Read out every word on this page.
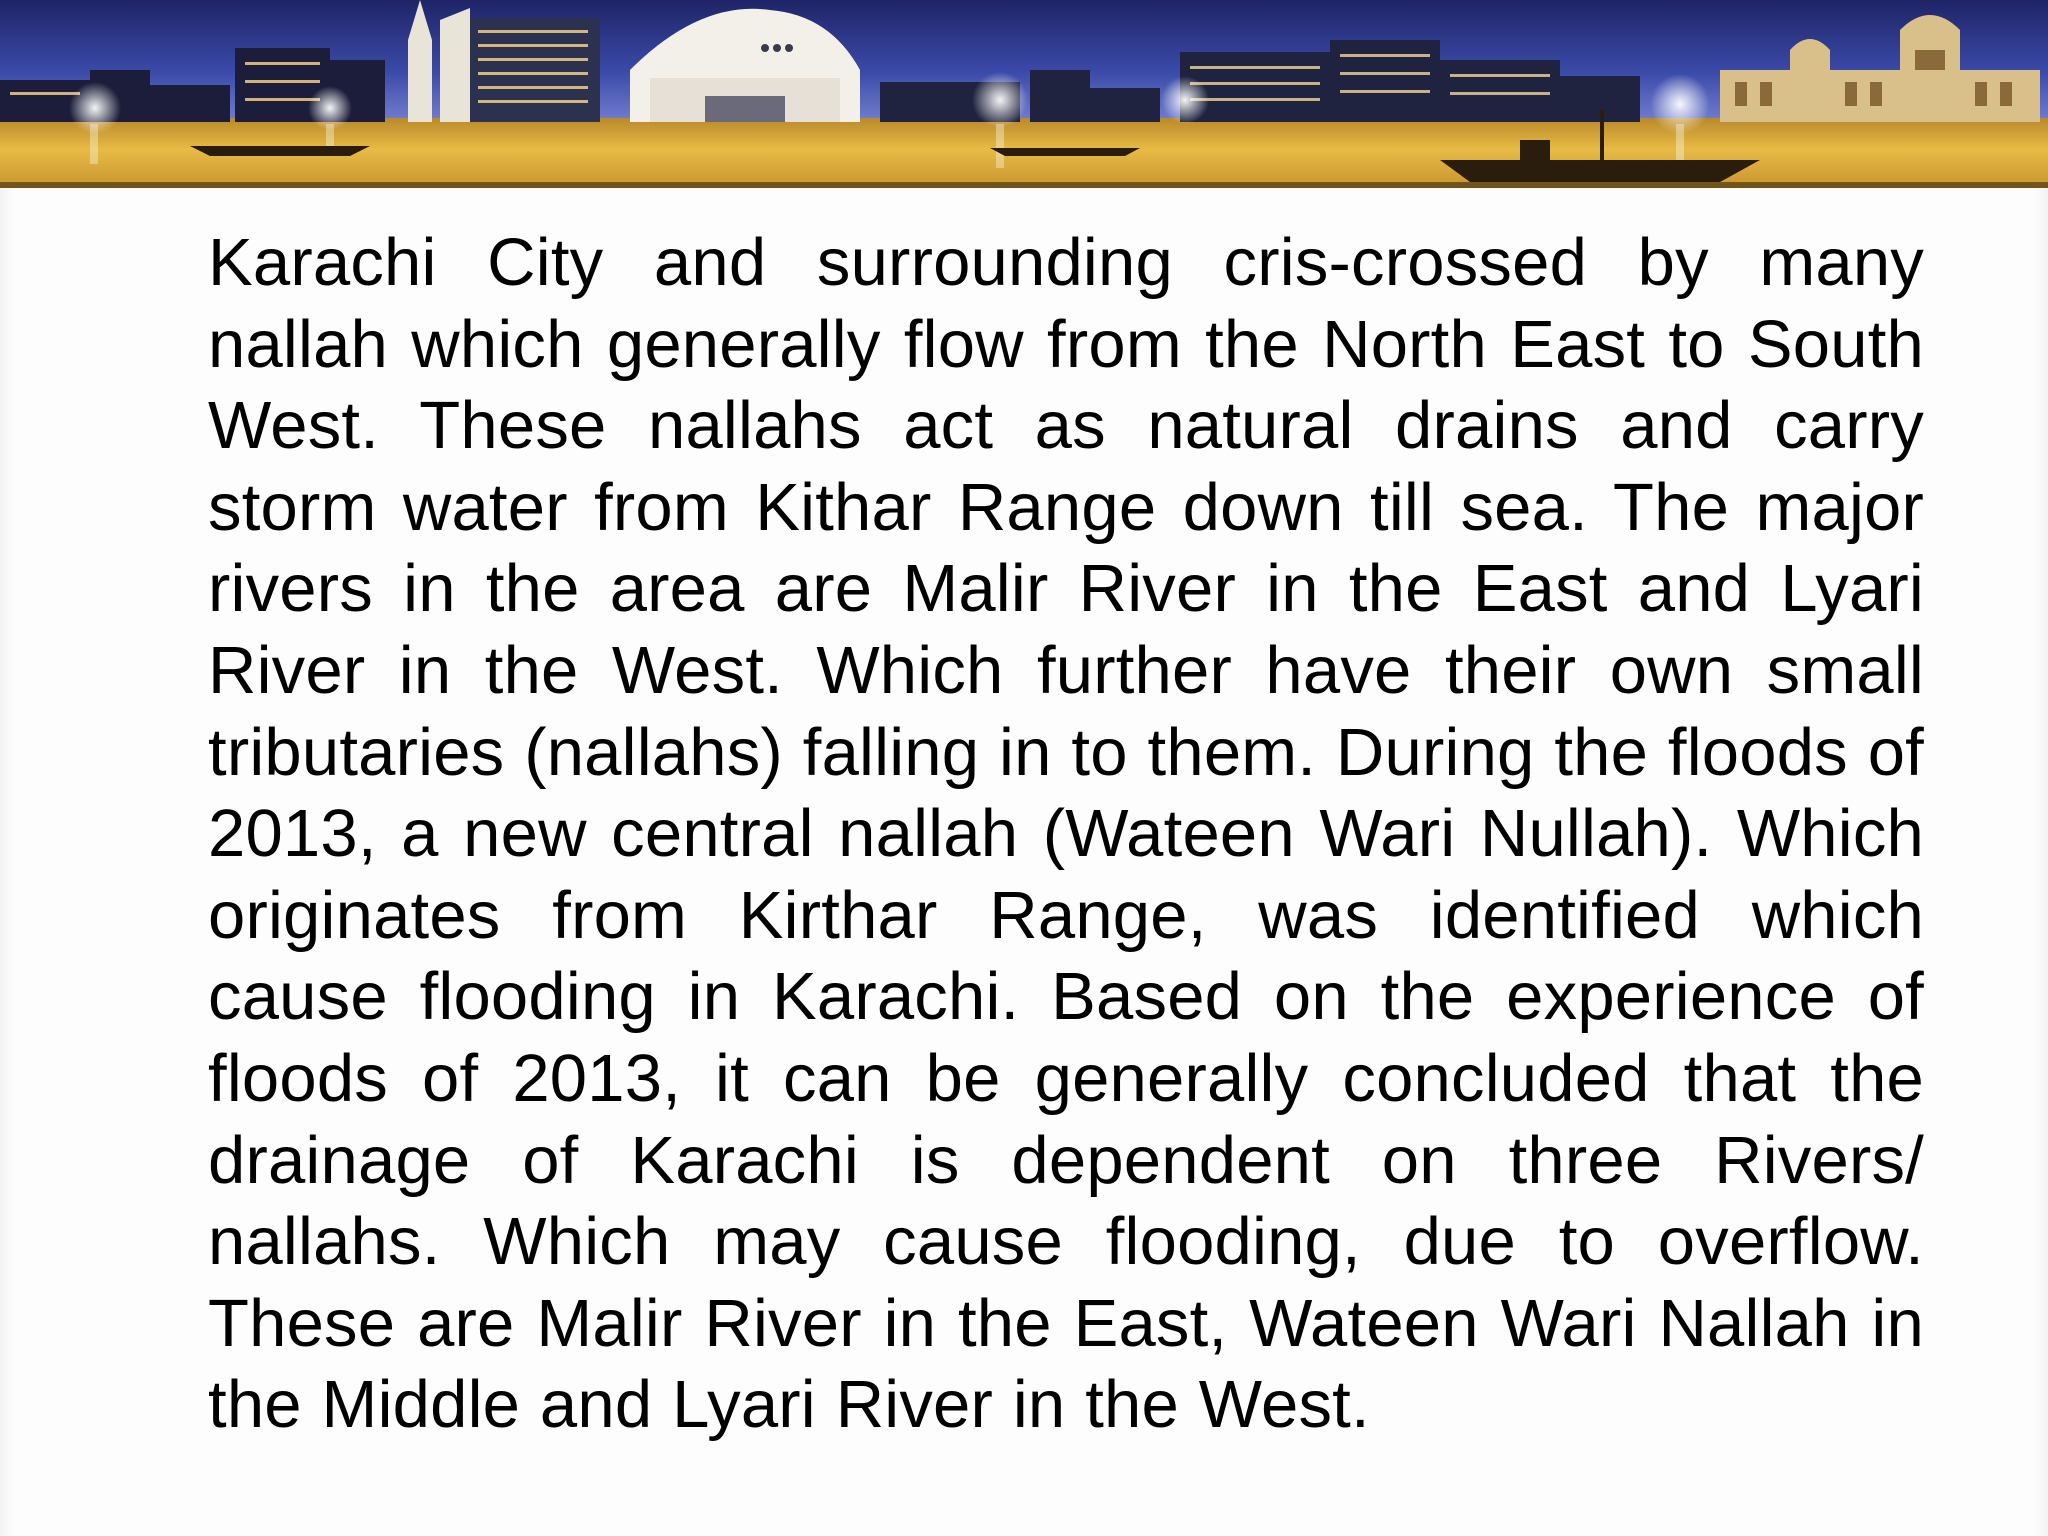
Karachi City and surrounding cris-crossed by many nallah which generally flow from the North East to South West. These nallahs act as natural drains and carry storm water from Kithar Range down till sea. The major rivers in the area are Malir River in the East and Lyari River in the West. Which further have their own small tributaries (nallahs) falling in to them. During the floods of 2013, a new central nallah (Wateen Wari Nullah). Which originates from Kirthar Range, was identified which cause flooding in Karachi. Based on the experience of floods of 2013, it can be generally concluded that the drainage of Karachi is dependent on three Rivers/ nallahs. Which may cause flooding, due to overflow. These are Malir River in the East, Wateen Wari Nallah in the Middle and Lyari River in the West.
